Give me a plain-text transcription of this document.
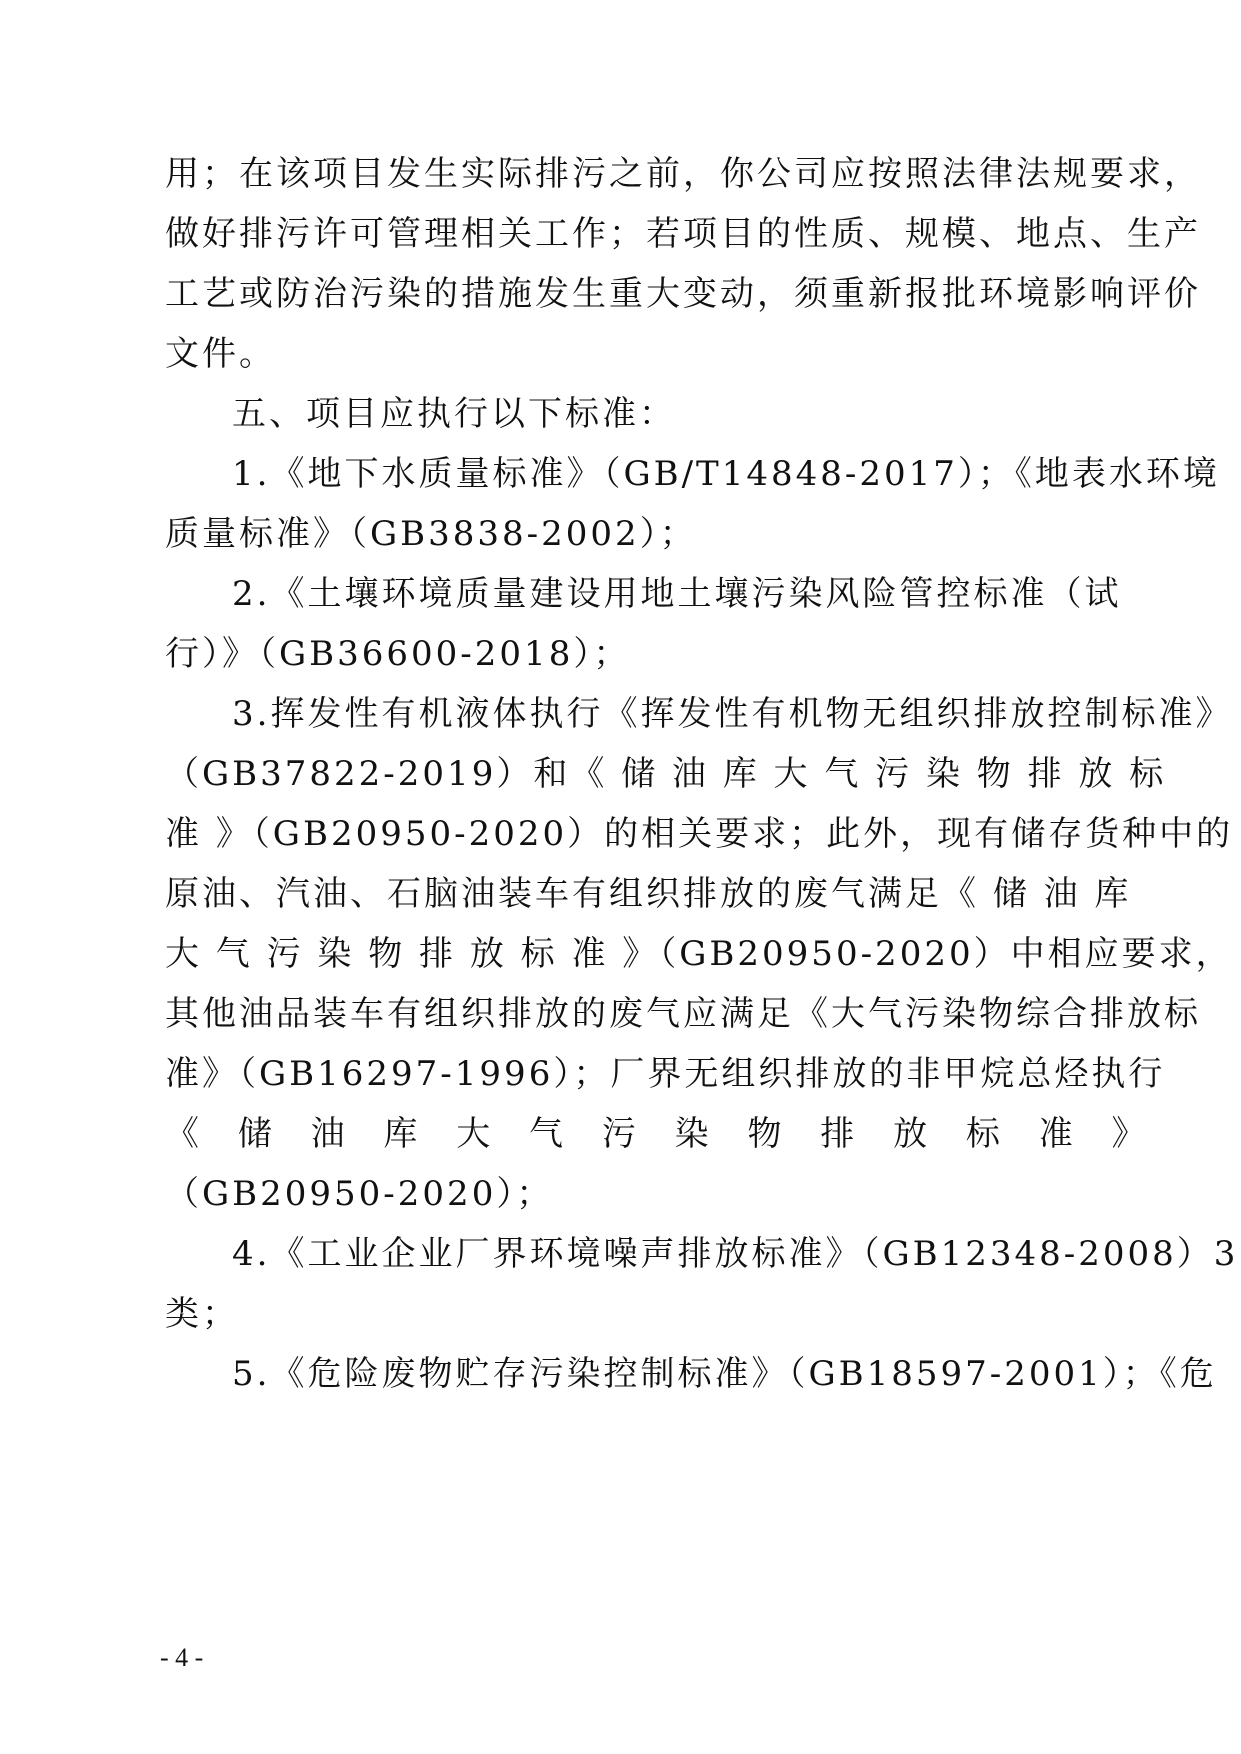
用；在该项目发生实际排污之前，你公司应按照法律法规要求，
做好排污许可管理相关工作；若项目的性质、规模、地点、生产
工艺或防治污染的措施发生重大变动，须重新报批环境影响评价
文件。
五、项目应执行以下标准：
1.《地下水质量标准》（GB/T14848-2017）；《地表水环境
质量标准》（GB3838-2002）；
2.《土壤环境质量建设用地土壤污染风险管控标准（试
行）》（GB36600-2018）；
3.挥发性有机液体执行《挥发性有机物无组织排放控制标准》
（GB37822-2019）和《 储 油 库 大 气 污 染 物 排 放 标
准 》（GB20950-2020）的相关要求；此外，现有储存货种中的
原油、汽油、石脑油装车有组织排放的废气满足《 储 油 库
大 气 污 染 物 排 放 标 准 》（GB20950-2020）中相应要求，
其他油品装车有组织排放的废气应满足《大气污染物综合排放标
准》（GB16297-1996）；厂界无组织排放的非甲烷总烃执行
《 储 油 库 大 气 污 染 物 排 放 标 准 》
（GB20950-2020）；
4.《工业企业厂界环境噪声排放标准》（GB12348-2008）3
类；
5.《危险废物贮存污染控制标准》（GB18597-2001）；《危
- 4 -
